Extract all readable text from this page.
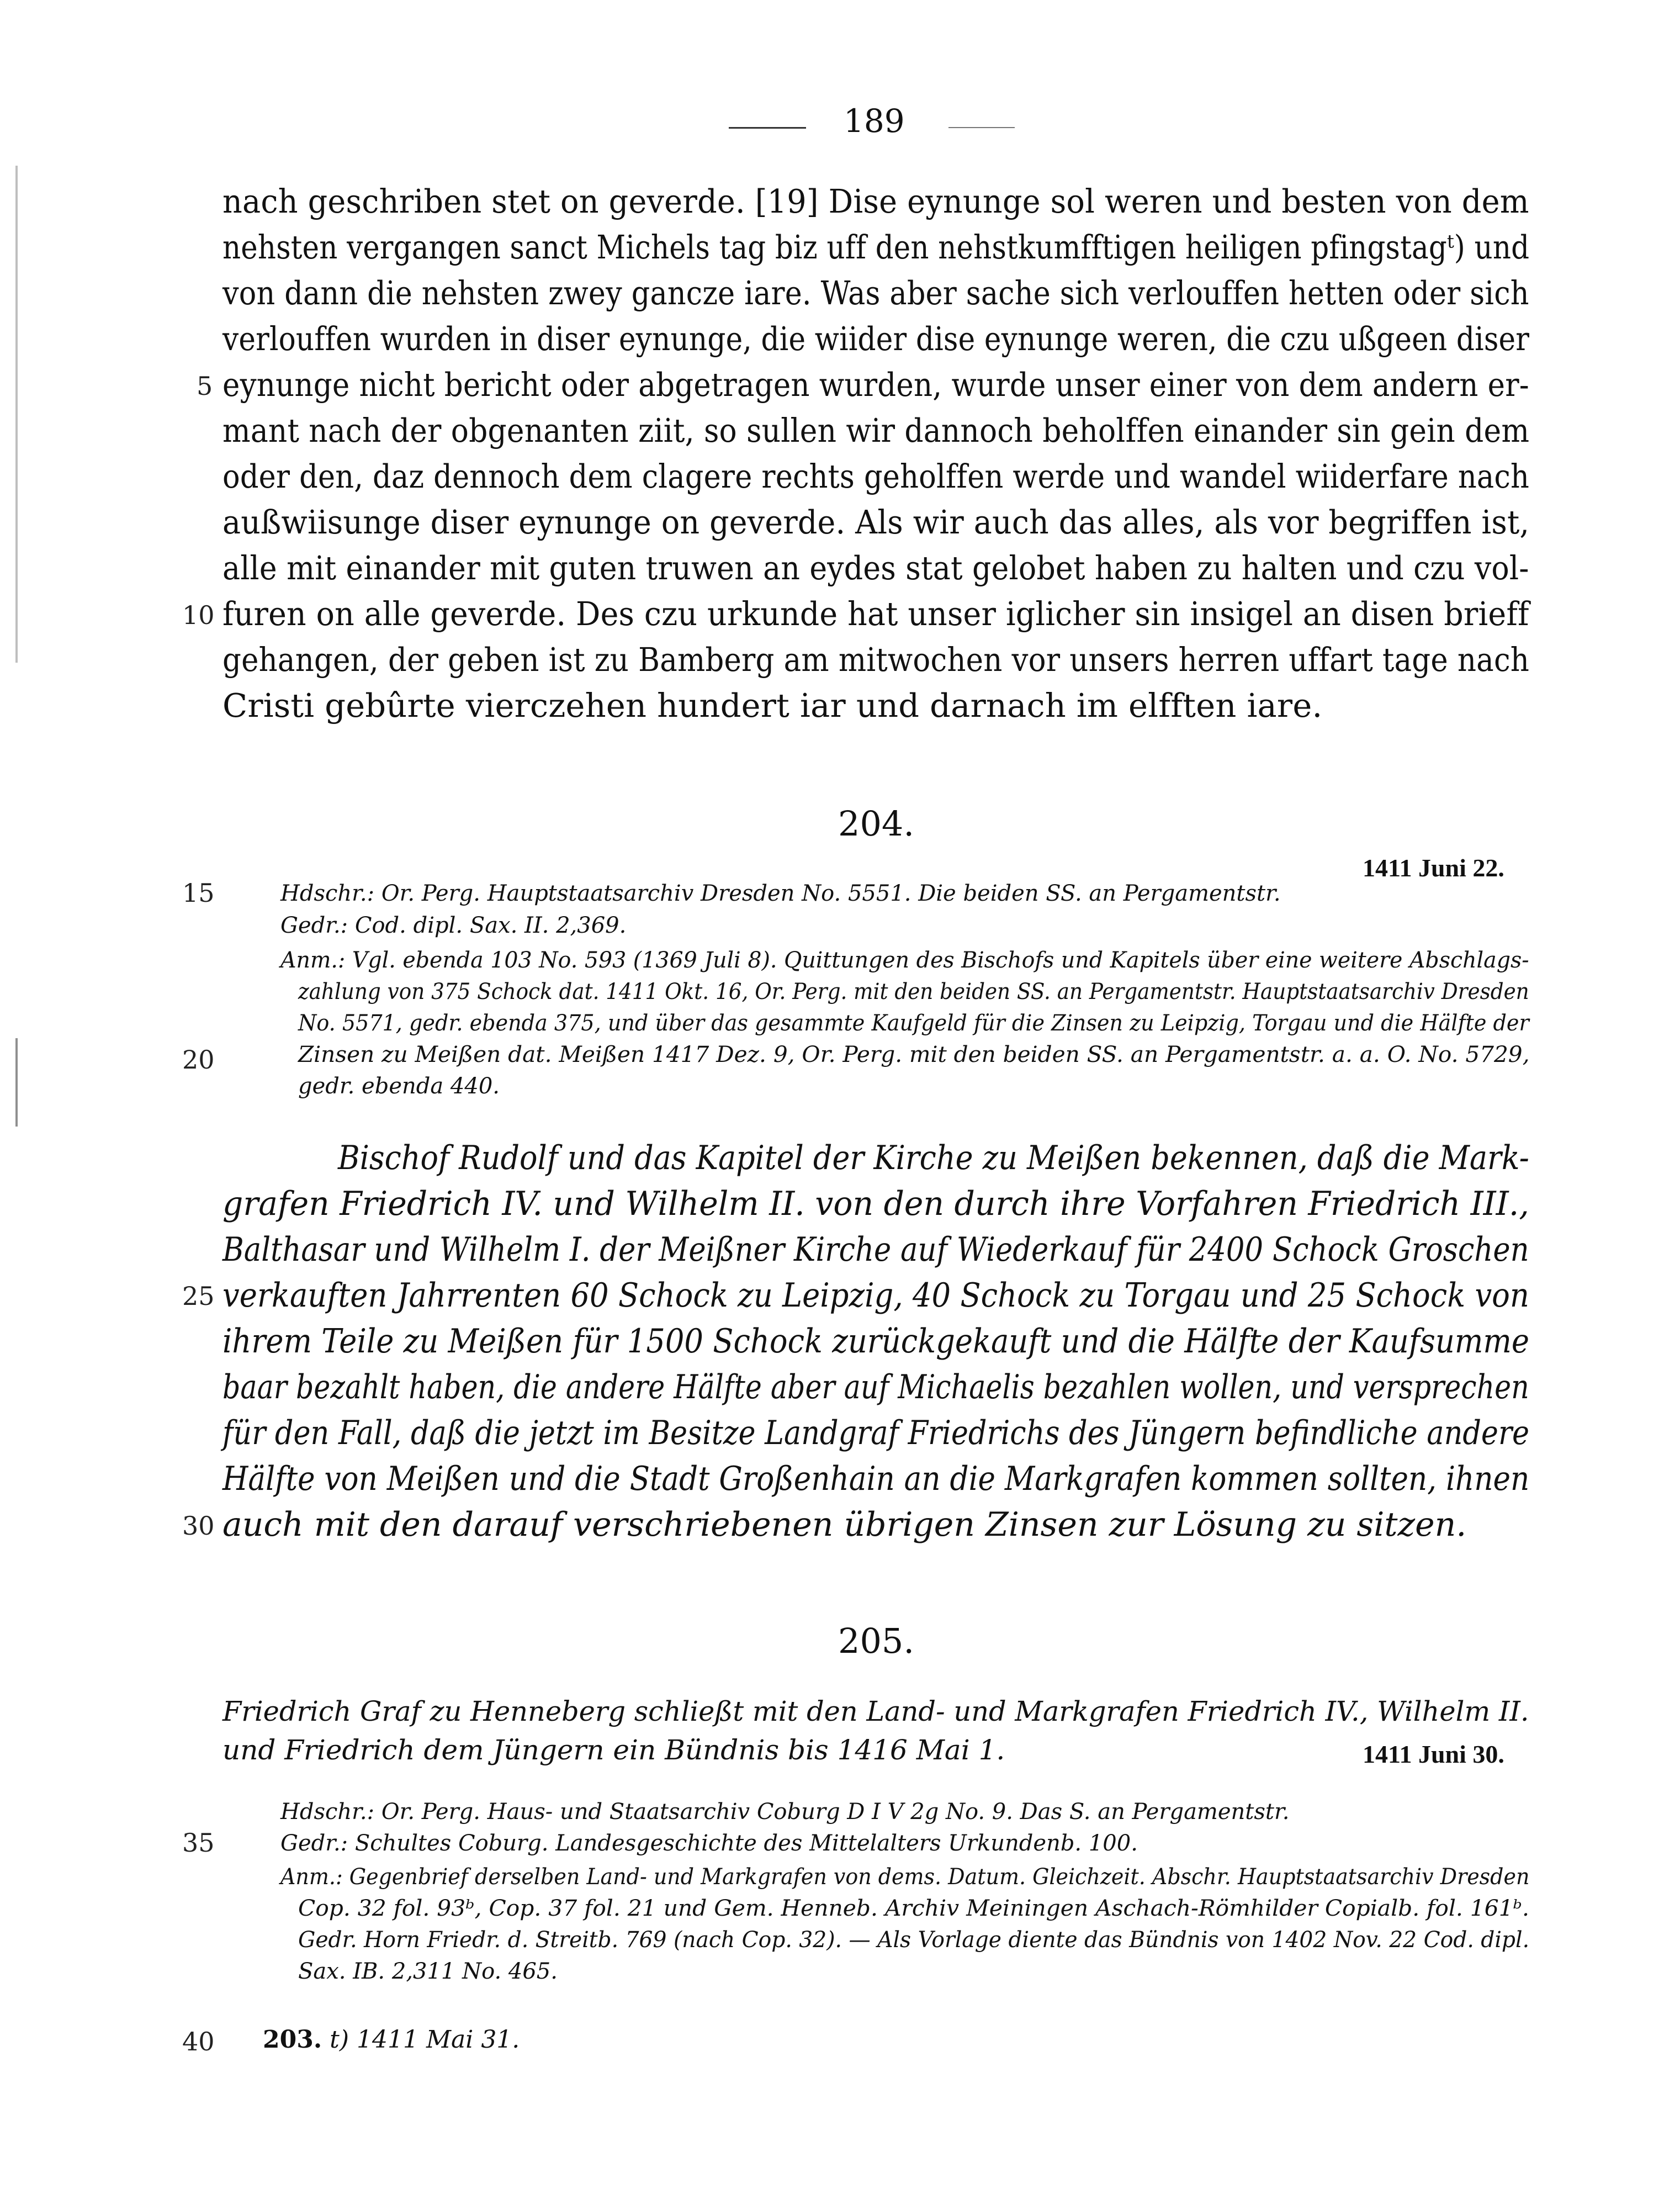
189
nach geschriben stet on geverde. [19] Dise eynunge sol weren und besten von dem
nehsten vergangen sanct Michels tag biz uff den nehstkumfftigen heiligen pfingstagᵗ) und
von dann die nehsten zwey gancze iare. Was aber sache sich verlouffen hetten oder sich
verlouffen wurden in diser eynunge, die wiider dise eynunge weren, die czu ußgeen diser
eynunge nicht bericht oder abgetragen wurden, wurde unser einer von dem andern er-
mant nach der obgenanten ziit, so sullen wir dannoch beholffen einander sin gein dem
oder den, daz dennoch dem clagere rechts geholffen werde und wandel wiiderfare nach
außwiisunge diser eynunge on geverde. Als wir auch das alles, als vor begriffen ist,
alle mit einander mit guten truwen an eydes stat gelobet haben zu halten und czu vol-
furen on alle geverde. Des czu urkunde hat unser iglicher sin insigel an disen brieff
gehangen, der geben ist zu Bamberg am mitwochen vor unsers herren uffart tage nach
Cristi gebûrte vierczehen hundert iar und darnach im elfften iare.
5
10
15
20
25
30
35
40
204.
1411 Juni 22.
Hdschr.: Or. Perg. Hauptstaatsarchiv Dresden No. 5551. Die beiden SS. an Pergamentstr.
Gedr.: Cod. dipl. Sax. II. 2,369.
Anm.: Vgl. ebenda 103 No. 593 (1369 Juli 8). Quittungen des Bischofs und Kapitels über eine weitere Abschlags-
zahlung von 375 Schock dat. 1411 Okt. 16, Or. Perg. mit den beiden SS. an Pergamentstr. Hauptstaatsarchiv Dresden
No. 5571, gedr. ebenda 375, und über das gesammte Kaufgeld für die Zinsen zu Leipzig, Torgau und die Hälfte der
Zinsen zu Meißen dat. Meißen 1417 Dez. 9, Or. Perg. mit den beiden SS. an Pergamentstr. a. a. O. No. 5729,
gedr. ebenda 440.
Bischof Rudolf und das Kapitel der Kirche zu Meißen bekennen, daß die Mark-
grafen Friedrich IV. und Wilhelm II. von den durch ihre Vorfahren Friedrich III.,
Balthasar und Wilhelm I. der Meißner Kirche auf Wiederkauf für 2400 Schock Groschen
verkauften Jahrrenten 60 Schock zu Leipzig, 40 Schock zu Torgau und 25 Schock von
ihrem Teile zu Meißen für 1500 Schock zurückgekauft und die Hälfte der Kaufsumme
baar bezahlt haben, die andere Hälfte aber auf Michaelis bezahlen wollen, und versprechen
für den Fall, daß die jetzt im Besitze Landgraf Friedrichs des Jüngern befindliche andere
Hälfte von Meißen und die Stadt Großenhain an die Markgrafen kommen sollten, ihnen
auch mit den darauf verschriebenen übrigen Zinsen zur Lösung zu sitzen.
205.
Friedrich Graf zu Henneberg schließt mit den Land- und Markgrafen Friedrich IV., Wilhelm II.
und Friedrich dem Jüngern ein Bündnis bis 1416 Mai 1.	1411 Juni 30.
Hdschr.: Or. Perg. Haus- und Staatsarchiv Coburg D I V 2g No. 9. Das S. an Pergamentstr.
Gedr.: Schultes Coburg. Landesgeschichte des Mittelalters Urkundenb. 100.
Anm.: Gegenbrief derselben Land- und Markgrafen von dems. Datum. Gleichzeit. Abschr. Hauptstaatsarchiv Dresden
Cop. 32 fol. 93ᵇ, Cop. 37 fol. 21 und Gem. Henneb. Archiv Meiningen Aschach-Römhilder Copialb. fol. 161ᵇ.
Gedr. Horn Friedr. d. Streitb. 769 (nach Cop. 32). — Als Vorlage diente das Bündnis von 1402 Nov. 22 Cod. dipl.
Sax. IB. 2,311 No. 465.
203. t) 1411 Mai 31.
